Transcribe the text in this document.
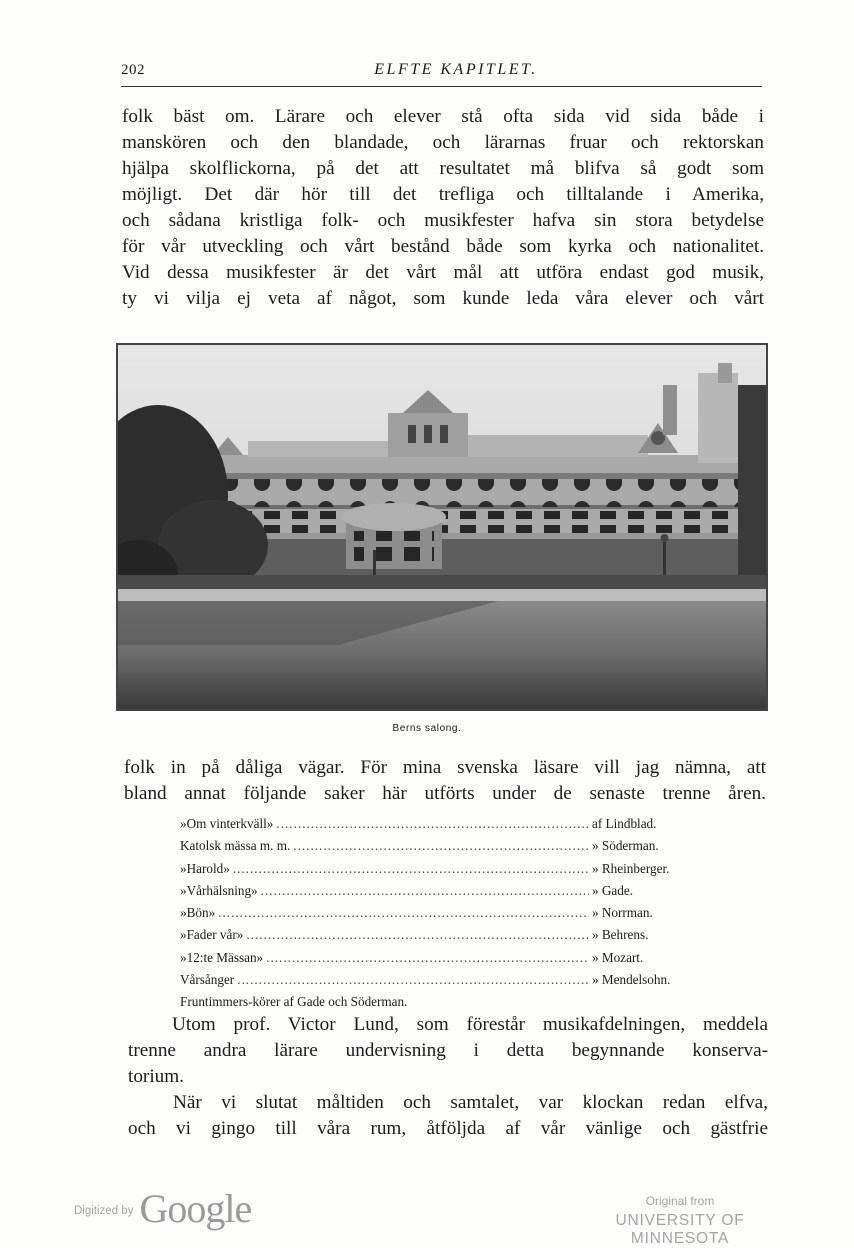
202	ELFTE KAPITLET.
folk bäst om. Lärare och elever stå ofta sida vid sida både i
manskören och den blandade, och lärarnas fruar och rektorskan
hjälpa skolflickorna, på det att resultatet må blifva så godt som
möjligt. Det där hör till det trefliga och tilltalande i Amerika,
och sådana kristliga folk- och musikfester hafva sin stora betydelse
för vår utveckling och vårt bestånd både som kyrka och nationalitet.
Vid dessa musikfester är det vårt mål att utföra endast god musik,
ty vi vilja ej veta af något, som kunde leda våra elever och vårt
Berns salong.
folk in på dåliga vägar. För mina svenska läsare vill jag nämna, att
bland annat följande saker här utförts under de senaste trenne åren.
»Om vinterkväll» .....	af Lindblad.
Katolsk mässa m. m. .....	» Söderman.
»Harold» .....	» Rheinberger.
»Vårhälsning» .....	» Gade.
»Bön» .....	» Norrman.
»Fader vår» .....	» Behrens.
»12:te Mässan» .....	» Mozart.
Vårsånger .....	» Mendelsohn.
Fruntimmers-körer af Gade och Söderman.
Utom prof. Victor Lund, som förestår musikafdelningen, meddela
trenne andra lärare undervisning i detta begynnande konserva-
torium.
När vi slutat måltiden och samtalet, var klockan redan elfva,
och vi gingo till våra rum, åtföljda af vår vänlige och gästfrie
Digitized by Google	Original from
UNIVERSITY OF MINNESOTA
